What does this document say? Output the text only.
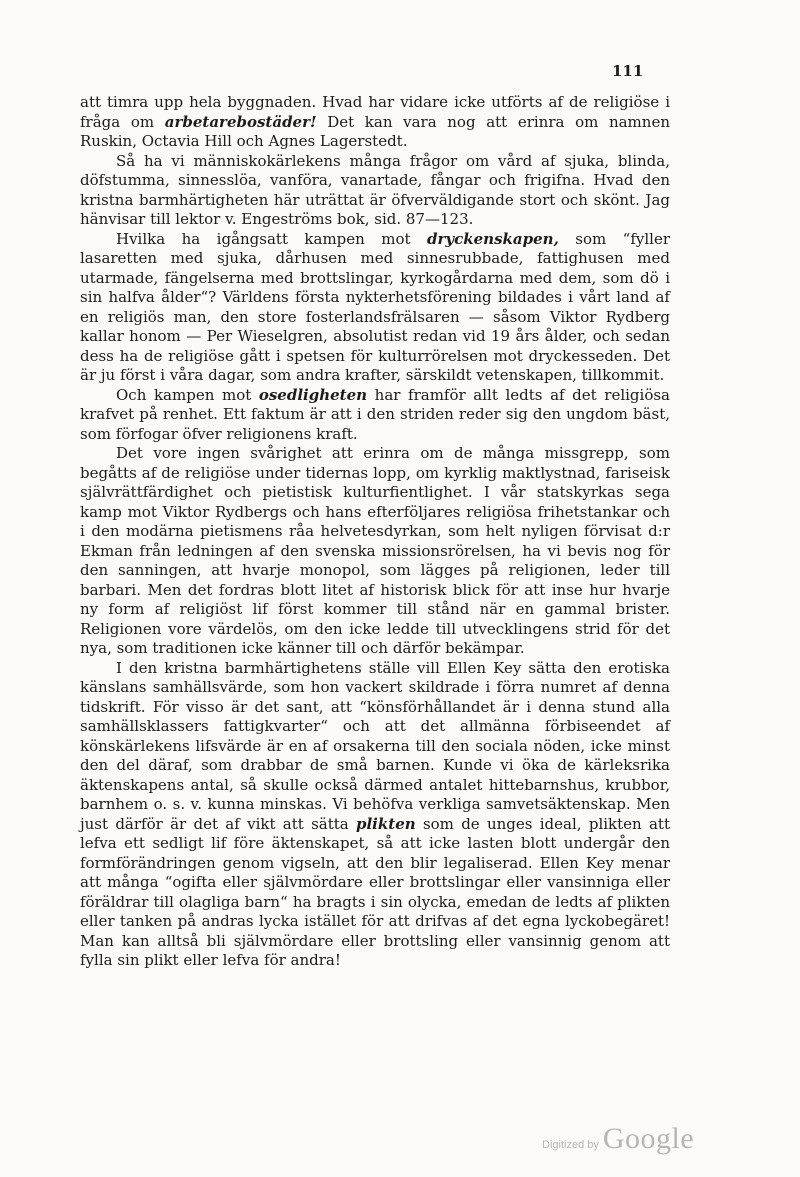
111

att timra upp hela byggnaden. Hvad har vidare icke utförts af de religiöse i fråga om arbetarebostäder! Det kan vara nog att erinra om namnen Ruskin, Octavia Hill och Agnes Lagerstedt.

Så ha vi människokärlekens många frågor om vård af sjuka, blinda, döfstumma, sinnesslöa, vanföra, vanartade, fångar och frigifna. Hvad den kristna barmhärtigheten här uträttat är öfverväldigande stort och skönt. Jag hänvisar till lektor v. Engeströms bok, sid. 87—123.

Hvilka ha igångsatt kampen mot dryckenskapen, som “fyller lasaretten med sjuka, dårhusen med sinnesrubbade, fattighusen med utarmade, fängelserna med brottslingar, kyrkogårdarna med dem, som dö i sin halfva ålder“? Världens första nykterhetsförening bildades i vårt land af en religiös man, den store fosterlandsfrälsaren — såsom Viktor Rydberg kallar honom — Per Wieselgren, absolutist redan vid 19 års ålder, och sedan dess ha de religiöse gått i spetsen för kulturrörelsen mot dryckesseden. Det är ju först i våra dagar, som andra krafter, särskildt vetenskapen, tillkommit.

Och kampen mot osedligheten har framför allt ledts af det religiösa krafvet på renhet. Ett faktum är att i den striden reder sig den ungdom bäst, som förfogar öfver religionens kraft.

Det vore ingen svårighet att erinra om de många missgrepp, som begåtts af de religiöse under tidernas lopp, om kyrklig maktlystnad, fariseisk självrättfärdighet och pietistisk kulturfientlighet. I vår statskyrkas sega kamp mot Viktor Rydbergs och hans efterföljares religiösa frihetstankar och i den modärna pietismens råa helvetesdyrkan, som helt nyligen förvisat d:r Ekman från ledningen af den svenska missionsrörelsen, ha vi bevis nog för den sanningen, att hvarje monopol, som lägges på religionen, leder till barbari. Men det fordras blott litet af historisk blick för att inse hur hvarje ny form af religiöst lif först kommer till stånd när en gammal brister. Religionen vore värdelös, om den icke ledde till utvecklingens strid för det nya, som traditionen icke känner till och därför bekämpar.

I den kristna barmhärtighetens ställe vill Ellen Key sätta den erotiska känslans samhällsvärde, som hon vackert skildrade i förra numret af denna tidskrift. För visso är det sant, att “könsförhållandet är i denna stund alla samhällsklassers fattigkvarter“ och att det allmänna förbiseendet af könskärlekens lifsvärde är en af orsakerna till den sociala nöden, icke minst den del däraf, som drabbar de små barnen. Kunde vi öka de kärleksrika äktenskapens antal, så skulle också därmed antalet hittebarnshus, krubbor, barnhem o. s. v. kunna minskas. Vi behöfva verkliga samvetsäktenskap. Men just därför är det af vikt att sätta plikten som de unges ideal, plikten att lefva ett sedligt lif före äktenskapet, så att icke lasten blott undergår den formförändringen genom vigseln, att den blir legaliserad. Ellen Key menar att många “ogifta eller självmördare eller brottslingar eller vansinniga eller föräldrar till olagliga barn“ ha bragts i sin olycka, emedan de ledts af plikten eller tanken på andras lycka istället för att drifvas af det egna lyckobegäret! Man kan alltså bli självmördare eller brottsling eller vansinnig genom att fylla sin plikt eller lefva för andra!

Digitized by Google
